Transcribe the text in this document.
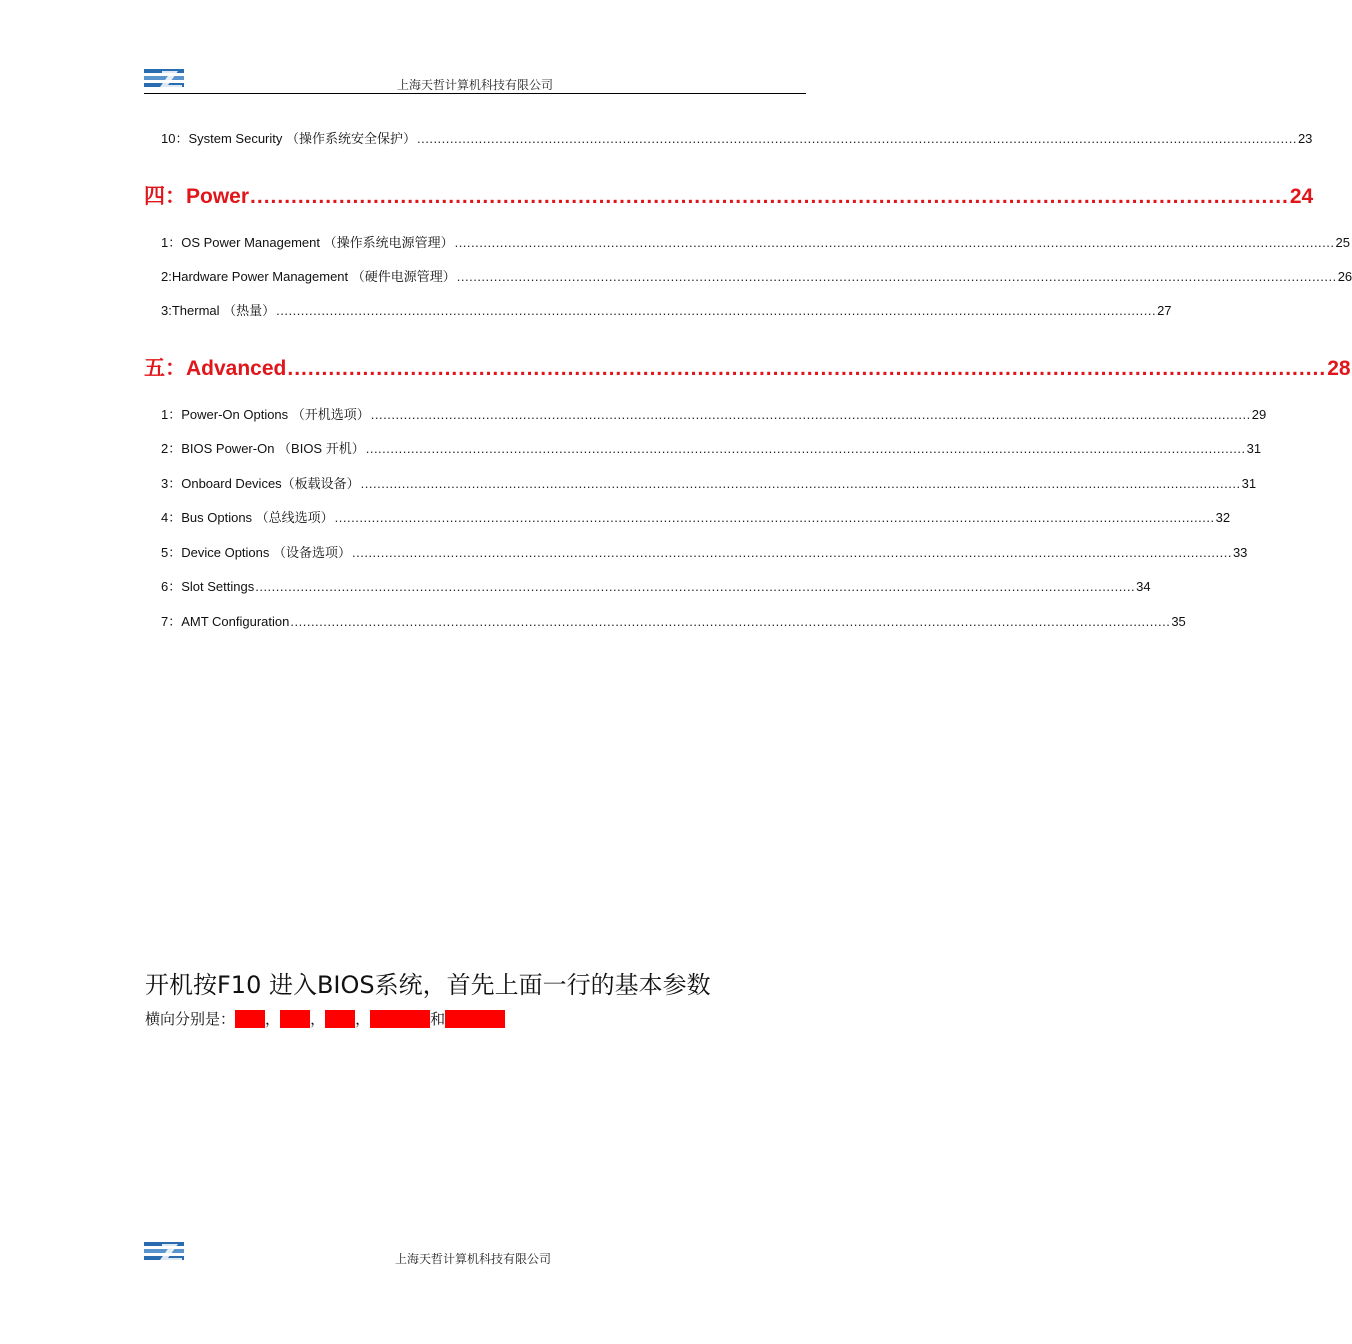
上海天哲计算机科技有限公司
10：System Security （操作系统安全保护） ...................................................................................................................................................................................................................... 23
四：Power ........................................................................................................................................................ 24
1：OS Power Management （操作系统电源管理） ...................................................................................................................................................................................................................... 25
2:Hardware Power Management （硬件电源管理） ...................................................................................................................................................................................................................... 26
3:Thermal （热量） ...................................................................................................................................................................................................................... 27
五：Advanced ........................................................................................................................................................ 28
1：Power-On Options （开机选项） ...................................................................................................................................................................................................................... 29
2：BIOS Power-On （BIOS 开机） ...................................................................................................................................................................................................................... 31
3：Onboard Devices（板载设备） ...................................................................................................................................................................................................................... 31
4：Bus Options （总线选项） ...................................................................................................................................................................................................................... 32
5：Device Options （设备选项） ...................................................................................................................................................................................................................... 33
6：Slot Settings ...................................................................................................................................................................................................................... 34
7：AMT Configuration ...................................................................................................................................................................................................................... 35
开机按F10 进入BIOS系统，首先上面一行的基本参数
横向分别是：文件，存储，安全，电源管理和高级选项
上海天哲计算机科技有限公司
